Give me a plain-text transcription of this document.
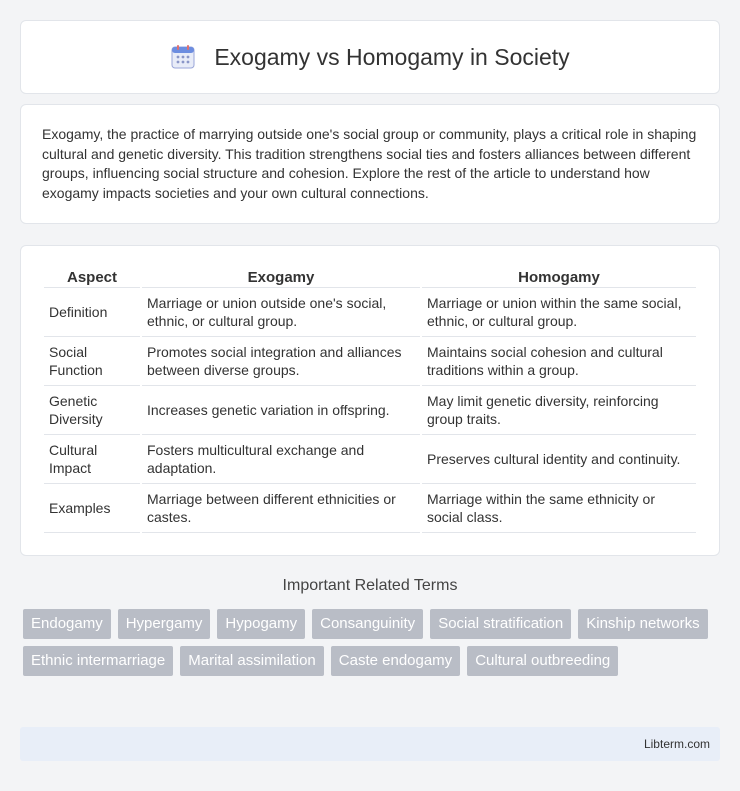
Exogamy vs Homogamy in Society

Exogamy, the practice of marrying outside one's social group or community, plays a critical role in shaping cultural and genetic diversity. This tradition strengthens social ties and fosters alliances between different groups, influencing social structure and cohesion. Explore the rest of the article to understand how exogamy impacts societies and your own cultural connections.

Aspect	Exogamy	Homogamy
Definition	Marriage or union outside one's social, ethnic, or cultural group.	Marriage or union within the same social, ethnic, or cultural group.
Social Function	Promotes social integration and alliances between diverse groups.	Maintains social cohesion and cultural traditions within a group.
Genetic Diversity	Increases genetic variation in offspring.	May limit genetic diversity, reinforcing group traits.
Cultural Impact	Fosters multicultural exchange and adaptation.	Preserves cultural identity and continuity.
Examples	Marriage between different ethnicities or castes.	Marriage within the same ethnicity or social class.
Important Related Terms
Endogamy	Hypergamy	Hypogamy	Consanguinity	Social stratification	Kinship networks
Ethnic intermarriage	Marital assimilation	Caste endogamy	Cultural outbreeding
Libterm.com
